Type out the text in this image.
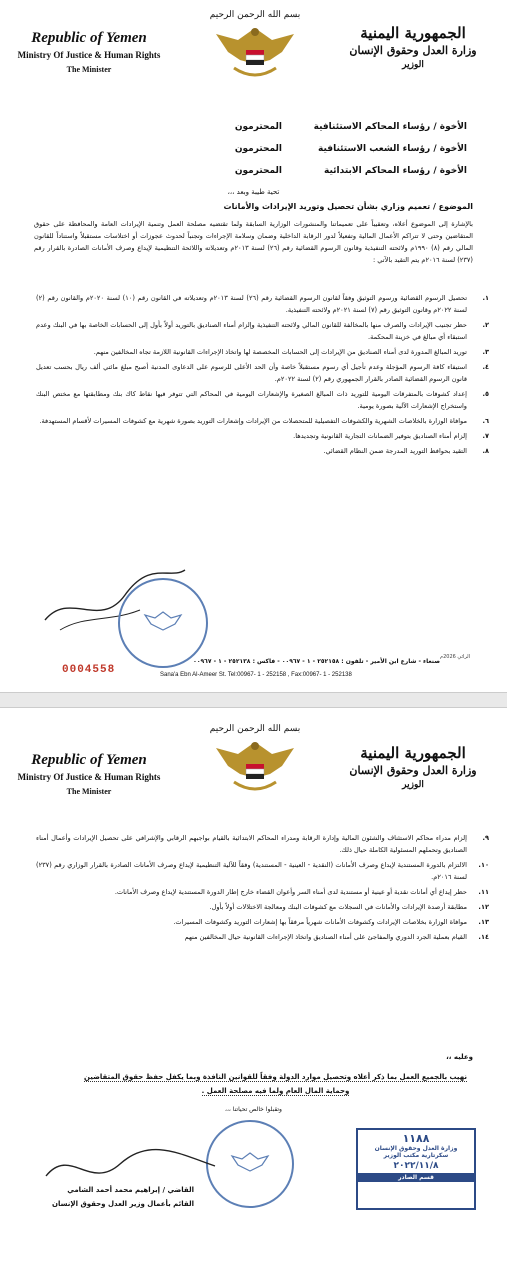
Republic of Yemen
Ministry Of Justice & Human Rights
The Minister
بسم الله الرحمن الرحيم
الجمهورية اليمنية
وزارة العدل وحقوق الإنسان
الوزير
الأخوة / رؤساء المحاكم الاستئنافيةالمحترمون
الأخوة / رؤساء الشعب الاستئنافيةالمحترمون
الأخوة / رؤساء المحاكم الابتدائيةالمحترمون
تحية طيبة وبعد ،،،
الموضوع / تعميم وزاري بشأن تحصيل وتوريد الإيرادات والأمانات
بالإشارة إلى الموضوع أعلاه، وتعقيباً على تعميماتنا والمنشورات الوزارية السابقة ولما تقتضيه مصلحة العمل وتنمية الإيرادات العامة والمحافظة على حقوق المتقاضين وحتى لا تتراكم الأعمال المالية وتفعيلاً لدور الرقابة الداخلية وضمان وسلامة الإجراءات وتجنباً لحدوث عجوزات أو اختلاسات مستقبلاً واستناداً للقانون المالي رقم (٨) ١٩٩٠م ولائحته التنفيذية وقانون الرسوم القضائية رقم (٢٦) لسنة ٢٠١٣م وتعديلاته واللائحة التنظيمية لإيداع وصرف الأمانات الصادرة بالقرار رقم (٢٣٧) لسنة ٢٠١٦م يتم التقيد بالآتي :
١.
تحصيل الرسوم القضائية ورسوم التوثيق وفقاً لقانون الرسوم القضائية رقم (٢٦) لسنة ٢٠١٣م وتعديلاته في القانون رقم (١٠) لسنة ٢٠٢٠م والقانون رقم (٢) لسنة ٢٠٢٢م وقانون التوثيق رقم (٧) لسنة ٢٠٢١م ولائحته التنفيذية.
٢.
حظر تجنيب الإيرادات والصرف منها بالمخالفة للقانون المالي ولائحته التنفيذية وإلزام أمناء الصناديق بالتوريد أولاً بأول إلى الحسابات الخاصة بها في البنك وعدم استبقاء أي مبالغ في خزينة المحكمة.
٣.
توريد المبالغ المدورة لدى أمناء الصناديق من الإيرادات إلى الحسابات المخصصة لها واتخاذ الإجراءات القانونية اللازمة تجاه المخالفين منهم.
٤.
استيفاء كافة الرسوم المؤجلة وعدم تأجيل أي رسوم مستقبلاً خاصة وأن الحد الأعلى للرسوم على الدعاوى المدنية أصبح مبلغ مائتي ألف ريال بحسب تعديل قانون الرسوم القضائية الصادر بالقرار الجمهوري رقم (٢) لسنة ٢٠٢٢م.
٥.
إعداد كشوفات بالمتفرقات اليومية للتوريد ذات المبالغ الصغيرة والإشعارات اليومية في المحاكم التي تتوفر فيها نقاط كاك بنك ومطابقتها مع مختص البنك واستخراج الإشعارات الآلية بصورة يومية.
٦.
موافاة الوزارة بالخلاصات الشهرية والكشوفات التفصيلية للمتحصلات من الإيرادات وإشعارات التوريد بصورة شهرية مع كشوفات المسيرات لأقسام المستهدفة.
٧.
إلزام أمناء الصناديق بتوفير الضمانات التجارية القانونية وتجديدها.
٨.
التقيد بحوافظ التوريد المدرجة ضمن النظام القضائي.
0004558
الرائي 2026م
صنعاء - شارع ابن الأمير - تلفون : ٢٥٢١٥٨ - ١ - ٠٠٩٦٧ - فاكس : ٢٥٢١٣٨ - ١ - ٠٠٩٦٧
Sana'a Ebn Al-Ameer St. Tel:00967- 1 - 252158 , Fax:00967- 1 - 252138
Republic of Yemen
Ministry Of Justice & Human Rights
The Minister
بسم الله الرحمن الرحيم
الجمهورية اليمنية
وزارة العدل وحقوق الإنسان
الوزير
٩.
إلزام مدراء محاكم الاستئناف والشئون المالية وإدارة الرقابة ومدراء المحاكم الابتدائية بالقيام بواجبهم الرقابي والإشرافي على تحصيل الإيرادات وأعمال أمناء الصناديق وتحملهم المسئولية الكاملة حيال ذلك.
١٠.
الالتزام بالدورة المستندية لإيداع وصرف الأمانات (النقدية - العينية - المستندية) وفقاً للآلية التنظيمية لإيداع وصرف الأمانات الصادرة بالقرار الوزاري رقم (٢٣٧) لسنة ٢٠١٦م.
١١.
حظر إيداع أي أمانات نقدية أو عينية أو مستندية لدى أمناء السر وأعوان القضاء خارج إطار الدورة المستندية لإيداع وصرف الأمانات.
١٢.
مطابقة أرصدة الإيرادات والأمانات في السجلات مع كشوفات البنك ومعالجة الاختلالات أولاً بأول.
١٣.
موافاة الوزارة بخلاصات الإيرادات وكشوفات الأمانات شهرياً مرفقاً بها إشعارات التوريد وكشوفات المسيرات.
١٤.
القيام بعملية الجرد الدوري والمفاجئ على أمناء الصناديق واتخاذ الإجراءات القانونية حيال المخالفين منهم
وعليه ،،
نهيب بالجميع العمل بما ذكر أعلاه وتحصيل موارد الدولة وفقاً للقوانين النافذة وبما يكفل حفظ حقوق المتقاضين وحماية المال العام ولما فيه مصلحة العمل .
وتقبلوا خالص تحياتنا ،،،
القاضي / إبراهيم محمد أحمد الشامي
القائم بأعمال وزير العدل وحقوق الإنسان
١١٨٨
وزارة العدل وحقوق الإنسان
سكرتارية مكتب الوزير
٢٠٢٢/١١/٨
قسم الصادر
